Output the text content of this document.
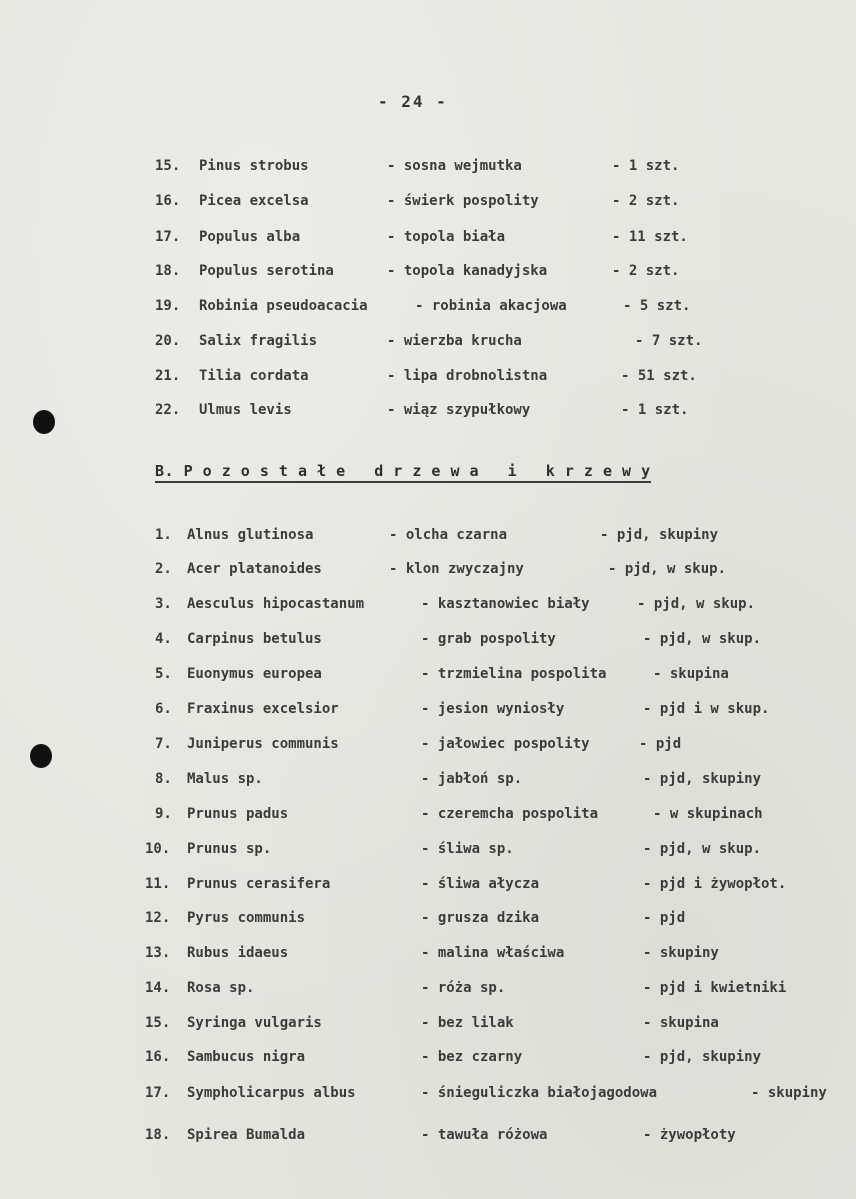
- 24 -
15. Pinus strobus	- sosna wejmutka	- 1 szt.
16. Picea excelsa	- świerk pospolity	- 2 szt.
17. Populus alba	- topola biała	- 11 szt.
18. Populus serotina	- topola kanadyjska	- 2 szt.
19. Robinia pseudoacacia	- robinia akacjowa	- 5 szt.
20. Salix fragilis	- wierzba krucha	- 7 szt.
21. Tilia cordata	- lipa drobnolistna	- 51 szt.
22. Ulmus levis	- wiąz szypułkowy	- 1 szt.
B. P o z o s t a ł e   d r z e w a   i   k r z e w y
1. Alnus glutinosa	- olcha czarna	- pjd, skupiny
2. Acer platanoides	- klon zwyczajny	- pjd, w skup.
3. Aesculus hipocastanum	- kasztanowiec biały	- pjd, w skup.
4. Carpinus betulus	- grab pospolity	- pjd, w skup.
5. Euonymus europea	- trzmielina pospolita	- skupina
6. Fraxinus excelsior	- jesion wyniosły	- pjd i w skup.
7. Juniperus communis	- jałowiec pospolity	- pjd
8. Malus sp.	- jabłoń sp.	- pjd, skupiny
9. Prunus padus	- czeremcha pospolita	- w skupinach
10. Prunus sp.	- śliwa sp.	- pjd, w skup.
11. Prunus cerasifera	- śliwa ałycza	- pjd i żywopłot.
12. Pyrus communis	- grusza dzika	- pjd
13. Rubus idaeus	- malina właściwa	- skupiny
14. Rosa sp.	- róża sp.	- pjd i kwietniki
15. Syringa vulgaris	- bez lilak	- skupina
16. Sambucus nigra	- bez czarny	- pjd, skupiny
17. Sympholicarpus albus	- śnieguliczka białojagodowa	- skupiny
18. Spirea Bumalda	- tawuła różowa	- żywopłoty
